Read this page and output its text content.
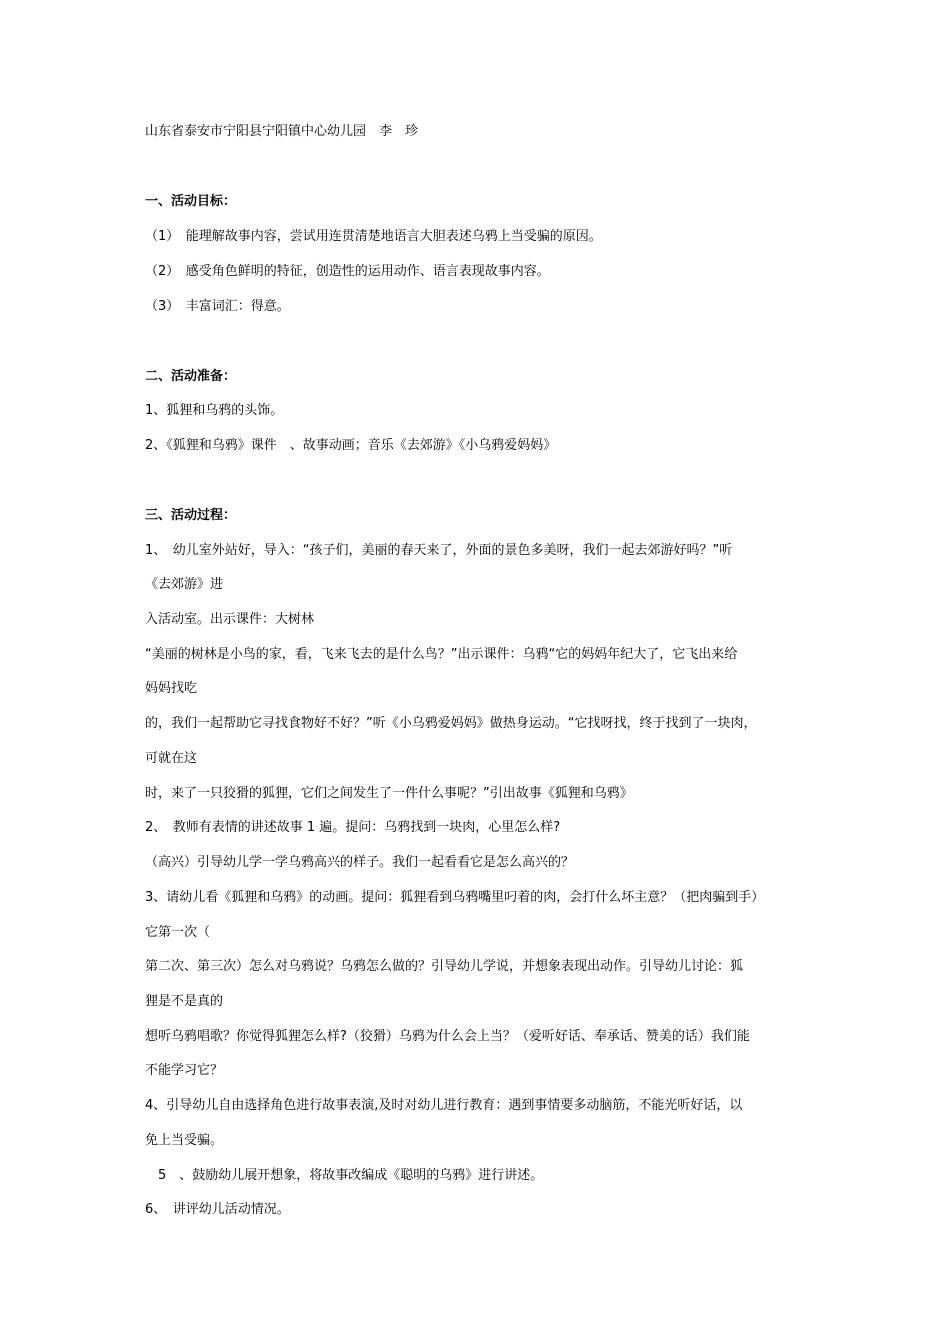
山东省泰安市宁阳县宁阳镇中心幼儿园　李　珍
一、活动目标：
（1）　能理解故事内容，尝试用连贯清楚地语言大胆表述乌鸦上当受骗的原因。
（2）　感受角色鲜明的特征，创造性的运用动作、语言表现故事内容。
（3）　丰富词汇：得意。
二、活动准备：
1、狐狸和乌鸦的头饰。
2、《狐狸和乌鸦》课件　、故事动画；音乐《去郊游》《小乌鸦爱妈妈》
三、活动过程：
1、　幼儿室外站好，导入：“孩子们，美丽的春天来了，外面的景色多美呀，我们一起去郊游好吗？”听
《去郊游》进
入活动室。出示课件：大树林
“美丽的树林是小鸟的家，看，飞来飞去的是什么鸟？”出示课件：乌鸦“它的妈妈年纪大了，它飞出来给
妈妈找吃
的，我们一起帮助它寻找食物好不好？”听《小乌鸦爱妈妈》做热身运动。“它找呀找，终于找到了一块肉，
可就在这
时，来了一只狡猾的狐狸，它们之间发生了一件什么事呢？”引出故事《狐狸和乌鸦》
2、　教师有表情的讲述故事 1 遍。提问：乌鸦找到一块肉，心里怎么样?
（高兴）引导幼儿学一学乌鸦高兴的样子。我们一起看看它是怎么高兴的？
3、请幼儿看《狐狸和乌鸦》的动画。提问：狐狸看到乌鸦嘴里叼着的肉，会打什么坏主意？（把肉骗到手）
它第一次（
第二次、第三次）怎么对乌鸦说？乌鸦怎么做的？引导幼儿学说，并想象表现出动作。引导幼儿讨论：狐
狸是不是真的
想听乌鸦唱歌？你觉得狐狸怎么样?（狡猾）乌鸦为什么会上当？（爱听好话、奉承话、赞美的话）我们能
不能学习它？
4、引导幼儿自由选择角色进行故事表演,及时对幼儿进行教育：遇到事情要多动脑筋，不能光听好话，以
免上当受骗。
　5　、鼓励幼儿展开想象，将故事改编成《聪明的乌鸦》进行讲述。
6、　讲评幼儿活动情况。
